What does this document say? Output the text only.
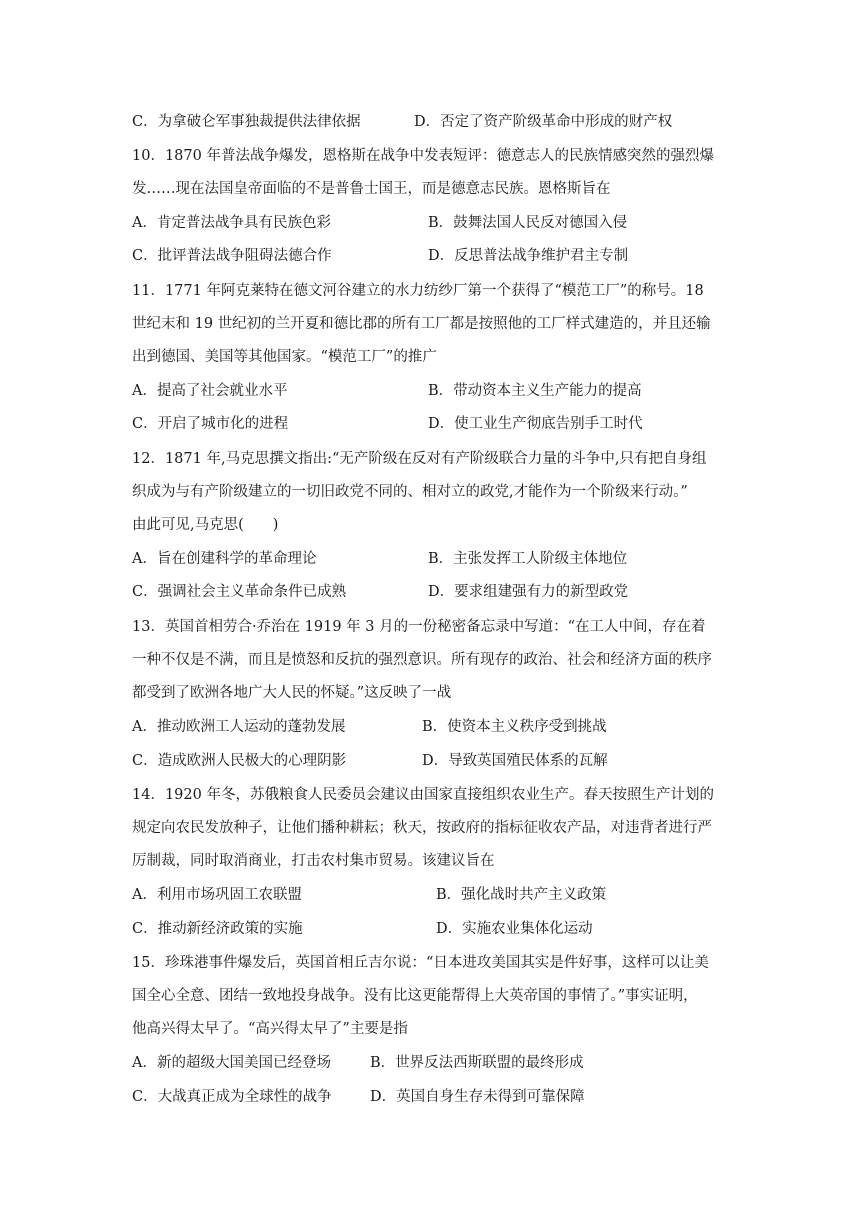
C．为拿破仑军事独裁提供法律依据	D．否定了资产阶级革命中形成的财产权
10．1870 年普法战争爆发，恩格斯在战争中发表短评：德意志人的民族情感突然的强烈爆
发……现在法国皇帝面临的不是普鲁士国王，而是德意志民族。恩格斯旨在
A．肯定普法战争具有民族色彩	B．鼓舞法国人民反对德国入侵
C．批评普法战争阻碍法德合作	D．反思普法战争维护君主专制
11．1771 年阿克莱特在德文河谷建立的水力纺纱厂第一个获得了“模范工厂”的称号。18
世纪末和 19 世纪初的兰开夏和德比郡的所有工厂都是按照他的工厂样式建造的，并且还输
出到德国、美国等其他国家。“模范工厂”的推广
A．提高了社会就业水平	B．带动资本主义生产能力的提高
C．开启了城市化的进程	D．使工业生产彻底告别手工时代
12．1871 年,马克思撰文指出:“无产阶级在反对有产阶级联合力量的斗争中,只有把自身组
织成为与有产阶级建立的一切旧政党不同的、相对立的政党,才能作为一个阶级来行动。”
由此可见,马克思(　　)
A．旨在创建科学的革命理论	B．主张发挥工人阶级主体地位
C．强调社会主义革命条件已成熟	D．要求组建强有力的新型政党
13．英国首相劳合·乔治在 1919 年 3 月的一份秘密备忘录中写道：“在工人中间，存在着
一种不仅是不满，而且是愤怒和反抗的强烈意识。所有现存的政治、社会和经济方面的秩序
都受到了欧洲各地广大人民的怀疑。”这反映了一战
A．推动欧洲工人运动的蓬勃发展	B．使资本主义秩序受到挑战
C．造成欧洲人民极大的心理阴影	D．导致英国殖民体系的瓦解
14．1920 年冬，苏俄粮食人民委员会建议由国家直接组织农业生产。春天按照生产计划的
规定向农民发放种子，让他们播种耕耘；秋天，按政府的指标征收农产品，对违背者进行严
厉制裁，同时取消商业，打击农村集市贸易。该建议旨在
A．利用市场巩固工农联盟	B．强化战时共产主义政策
C．推动新经济政策的实施	D．实施农业集体化运动
15．珍珠港事件爆发后，英国首相丘吉尔说：“日本进攻美国其实是件好事，这样可以让美
国全心全意、团结一致地投身战争。没有比这更能帮得上大英帝国的事情了。”事实证明，
他高兴得太早了。“高兴得太早了”主要是指
A．新的超级大国美国已经登场	B．世界反法西斯联盟的最终形成
C．大战真正成为全球性的战争	D．英国自身生存未得到可靠保障
